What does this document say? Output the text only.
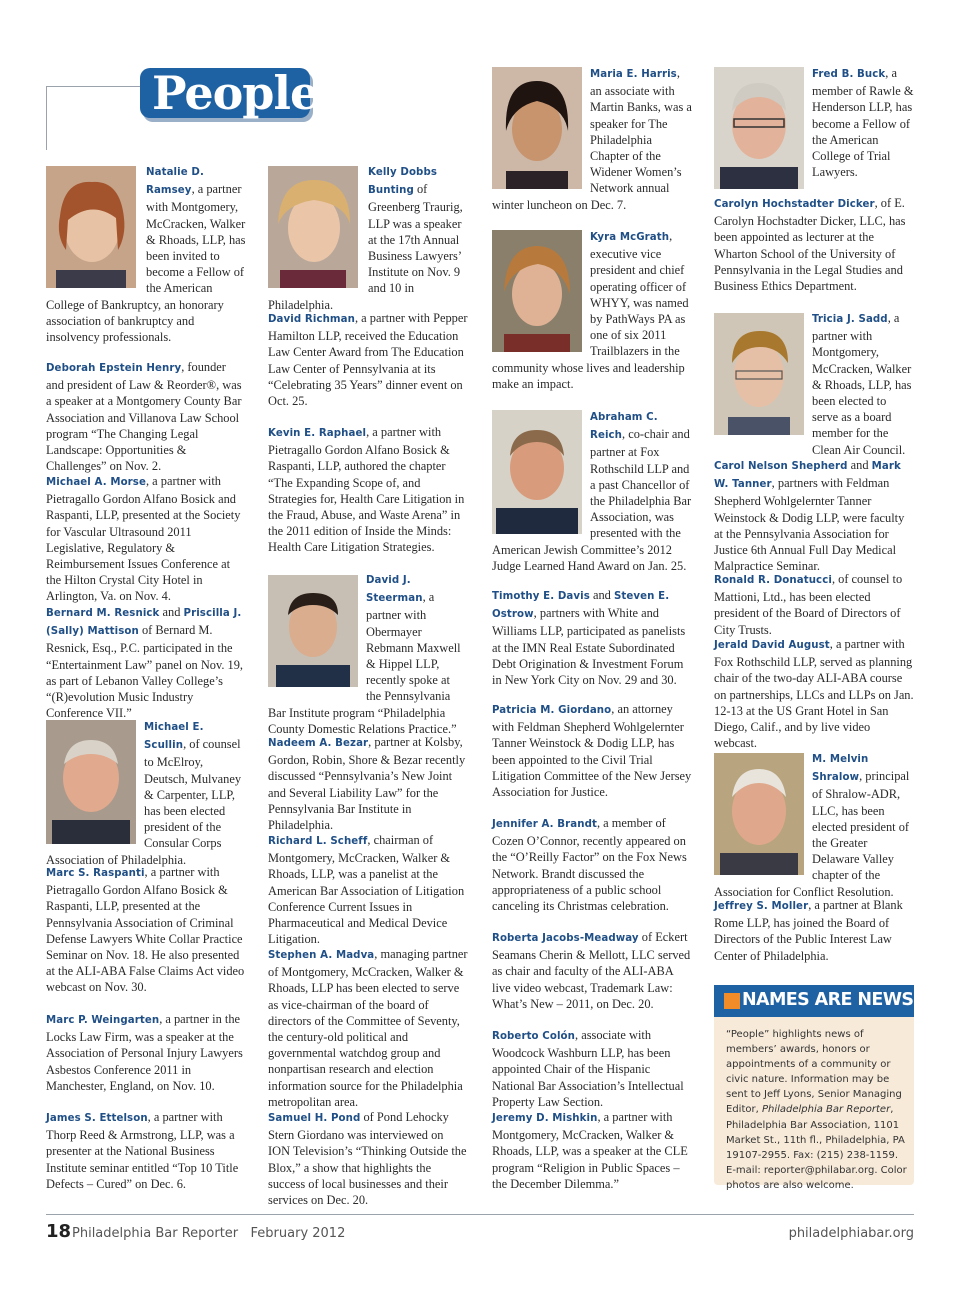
People
Natalie D. Ramsey, a partner with Montgomery, McCracken, Walker & Rhoads, LLP, has been invited to become a Fellow of the American College of Bankruptcy, an honorary association of bankruptcy and insolvency professionals.
Deborah Epstein Henry, founder and president of Law & Reorder®, was a speaker at a Montgomery County Bar Association and Villanova Law School program “The Changing Legal Landscape: Opportunities & Challenges” on Nov. 2.
Michael A. Morse, a partner with Pietragallo Gordon Alfano Bosick and Raspanti, LLP, presented at the Society for Vascular Ultrasound 2011 Legislative, Regulatory & Reimbursement Issues Conference at the Hilton Crystal City Hotel in Arlington, Va. on Nov. 4.
Bernard M. Resnick and Priscilla J. (Sally) Mattison of Bernard M. Resnick, Esq., P.C. participated in the “Entertainment Law” panel on Nov. 19, as part of Lebanon Valley College’s “(R)evolution Music Industry Conference VII.”
Michael E. Scullin, of counsel to McElroy, Deutsch, Mulvaney & Carpenter, LLP, has been elected president of the Consular Corps Association of Philadelphia.
Marc S. Raspanti, a partner with Pietragallo Gordon Alfano Bosick & Raspanti, LLP, presented at the Pennsylvania Association of Criminal Defense Lawyers White Collar Practice Seminar on Nov. 18. He also presented at the ALI-ABA False Claims Act video webcast on Nov. 30.
Marc P. Weingarten, a partner in the Locks Law Firm, was a speaker at the Association of Personal Injury Lawyers Asbestos Conference 2011 in Manchester, England, on Nov. 10.
James S. Ettelson, a partner with Thorp Reed & Armstrong, LLP, was a presenter at the National Business Institute seminar entitled “Top 10 Title Defects – Cured” on Dec. 6.
Kelly Dobbs Bunting of Greenberg Traurig, LLP was a speaker at the 17th Annual Business Lawyers’ Institute on Nov. 9 and 10 in Philadelphia.
David Richman, a partner with Pepper Hamilton LLP, received the Education Law Center Award from The Education Law Center of Pennsylvania at its “Celebrating 35 Years” dinner event on Oct. 25.
Kevin E. Raphael, a partner with Pietragallo Gordon Alfano Bosick & Raspanti, LLP, authored the chapter “The Expanding Scope of, and Strategies for, Health Care Litigation in the Fraud, Abuse, and Waste Arena” in the 2011 edition of Inside the Minds: Health Care Litigation Strategies.
David J. Steerman, a partner with Obermayer Rebmann Maxwell & Hippel LLP, recently spoke at the Pennsylvania Bar Institute program “Philadelphia County Domestic Relations Practice.”
Nadeem A. Bezar, partner at Kolsby, Gordon, Robin, Shore & Bezar recently discussed “Pennsylvania’s New Joint and Several Liability Law” for the Pennsylvania Bar Institute in Philadelphia.
Richard L. Scheff, chairman of Montgomery, McCracken, Walker & Rhoads, LLP, was a panelist at the American Bar Association of Litigation Conference Current Issues in Pharmaceutical and Medical Device Litigation.
Stephen A. Madva, managing partner of Montgomery, McCracken, Walker & Rhoads, LLP has been elected to serve as vice-chairman of the board of directors of the Committee of Seventy, the century-old political and governmental watchdog group and nonpartisan research and election information source for the Philadelphia metropolitan area.
Samuel H. Pond of Pond Lehocky Stern Giordano was interviewed on ION Television’s “Thinking Outside the Blox,” a show that highlights the success of local businesses and their services on Dec. 20.
Maria E. Harris, an associate with Martin Banks, was a speaker for The Philadelphia Chapter of the Widener Women’s Network annual winter luncheon on Dec. 7.
Kyra McGrath, executive vice president and chief operating officer of WHYY, was named by PathWays PA as one of six 2011 Trailblazers in the community whose lives and leadership make an impact.
Abraham C. Reich, co-chair and partner at Fox Rothschild LLP and a past Chancellor of the Philadelphia Bar Association, was presented with the American Jewish Committee’s 2012 Judge Learned Hand Award on Jan. 25.
Timothy E. Davis and Steven E. Ostrow, partners with White and Williams LLP, participated as panelists at the IMN Real Estate Subordinated Debt Origination & Investment Forum in New York City on Nov. 29 and 30.
Patricia M. Giordano, an attorney with Feldman Shepherd Wohlgelernter Tanner Weinstock & Dodig LLP, has been appointed to the Civil Trial Litigation Committee of the New Jersey Association for Justice.
Jennifer A. Brandt, a member of Cozen O’Connor, recently appeared on the “O’Reilly Factor” on the Fox News Network. Brandt discussed the appropriateness of a public school canceling its Christmas celebration.
Roberta Jacobs-Meadway of Eckert Seamans Cherin & Mellott, LLC served as chair and faculty of the ALI-ABA live video webcast, Trademark Law: What’s New – 2011, on Dec. 20.
Roberto Colón, associate with Woodcock Washburn LLP, has been appointed Chair of the Hispanic National Bar Association’s Intellectual Property Law Section.
Jeremy D. Mishkin, a partner with Montgomery, McCracken, Walker & Rhoads, LLP, was a speaker at the CLE program “Religion in Public Spaces – the December Dilemma.”
Fred B. Buck, a member of Rawle & Henderson LLP, has become a Fellow of the American College of Trial Lawyers.
Carolyn Hochstadter Dicker, of E. Carolyn Hochstadter Dicker, LLC, has been appointed as lecturer at the Wharton School of the University of Pennsylvania in the Legal Studies and Business Ethics Department.
Tricia J. Sadd, a partner with Montgomery, McCracken, Walker & Rhoads, LLP, has been elected to serve as a board member for the Clean Air Council.
Carol Nelson Shepherd and Mark W. Tanner, partners with Feldman Shepherd Wohlgelernter Tanner Weinstock & Dodig LLP, were faculty at the Pennsylvania Association for Justice 6th Annual Full Day Medical Malpractice Seminar.
Ronald R. Donatucci, of counsel to Mattioni, Ltd., has been elected president of the Board of Directors of City Trusts.
Jerald David August, a partner with Fox Rothschild LLP, served as planning chair of the two-day ALI-ABA course on partnerships, LLCs and LLPs on Jan. 12-13 at the US Grant Hotel in San Diego, Calif., and by live video webcast.
M. Melvin Shralow, principal of Shralow-ADR, LLC, has been elected president of the Greater Delaware Valley chapter of the Association for Conflict Resolution.
Jeffrey S. Moller, a partner at Blank Rome LLP, has joined the Board of Directors of the Public Interest Law Center of Philadelphia.
NAMES ARE NEWS
“People” highlights news of members’ awards, honors or appointments of a community or civic nature. Information may be sent to Jeff Lyons, Senior Managing Editor, Philadelphia Bar Reporter, Philadelphia Bar Association, 1101 Market St., 11th fl., Philadelphia, PA 19107-2955. Fax: (215) 238-1159. E-mail: reporter@philabar.org. Color photos are also welcome.
18 Philadelphia Bar Reporter   February 2012	philadelphiabar.org
